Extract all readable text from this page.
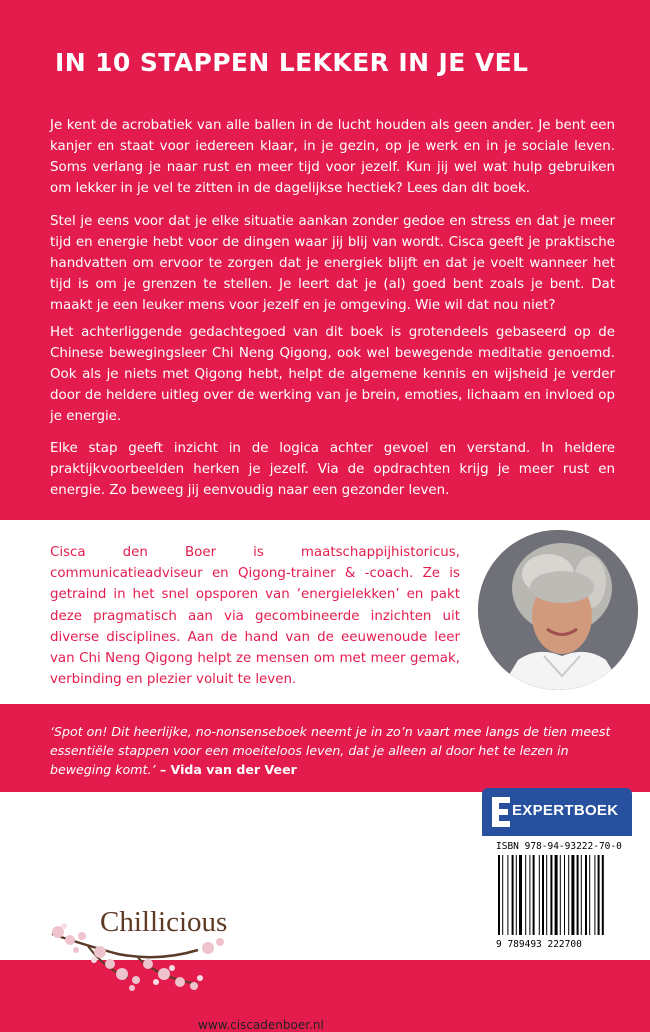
IN 10 STAPPEN LEKKER IN JE VEL

Je kent de acrobatiek van alle ballen in de lucht houden als geen ander. Je bent een kanjer en staat voor iedereen klaar, in je gezin, op je werk en in je sociale leven. Soms verlang je naar rust en meer tijd voor jezelf. Kun jij wel wat hulp gebruiken om lekker in je vel te zitten in de dagelijkse hectiek? Lees dan dit boek.

Stel je eens voor dat je elke situatie aankan zonder gedoe en stress en dat je meer tijd en energie hebt voor de dingen waar jij blij van wordt. Cisca geeft je praktische handvatten om ervoor te zorgen dat je energiek blijft en dat je voelt wanneer het tijd is om je grenzen te stellen. Je leert dat je (al) goed bent zoals je bent. Dat maakt je een leuker mens voor jezelf en je omgeving. Wie wil dat nou niet?

Het achterliggende gedachtegoed van dit boek is grotendeels gebaseerd op de Chinese bewegingsleer Chi Neng Qigong, ook wel bewegende meditatie genoemd. Ook als je niets met Qigong hebt, helpt de algemene kennis en wijsheid je verder door de heldere uitleg over de werking van je brein, emoties, lichaam en invloed op je energie.

Elke stap geeft inzicht in de logica achter gevoel en verstand. In heldere praktijkvoorbeelden herken je jezelf. Via de opdrachten krijg je meer rust en energie. Zo beweeg jij eenvoudig naar een gezonder leven.

Cisca den Boer is maatschappijhistoricus, communicatieadviseur en Qigong-trainer & -coach. Ze is getraind in het snel opsporen van ‘energielekken’ en pakt deze pragmatisch aan via gecombineerde inzichten uit diverse disciplines. Aan de hand van de eeuwenoude leer van Chi Neng Qigong helpt ze mensen om met meer gemak, verbinding en plezier voluit te leven.

‘Spot on! Dit heerlijke, no-nonsenseboek neemt je in zo’n vaart mee langs de tien meest essentiële stappen voor een moeiteloos leven, dat je alleen al door het te lezen in beweging komt.’ – Vida van der Veer

Chillicious
www.ciscadenboer.nl
EXPERTBOEK
ISBN 978-94-93222-70-0
9 789493 222700
